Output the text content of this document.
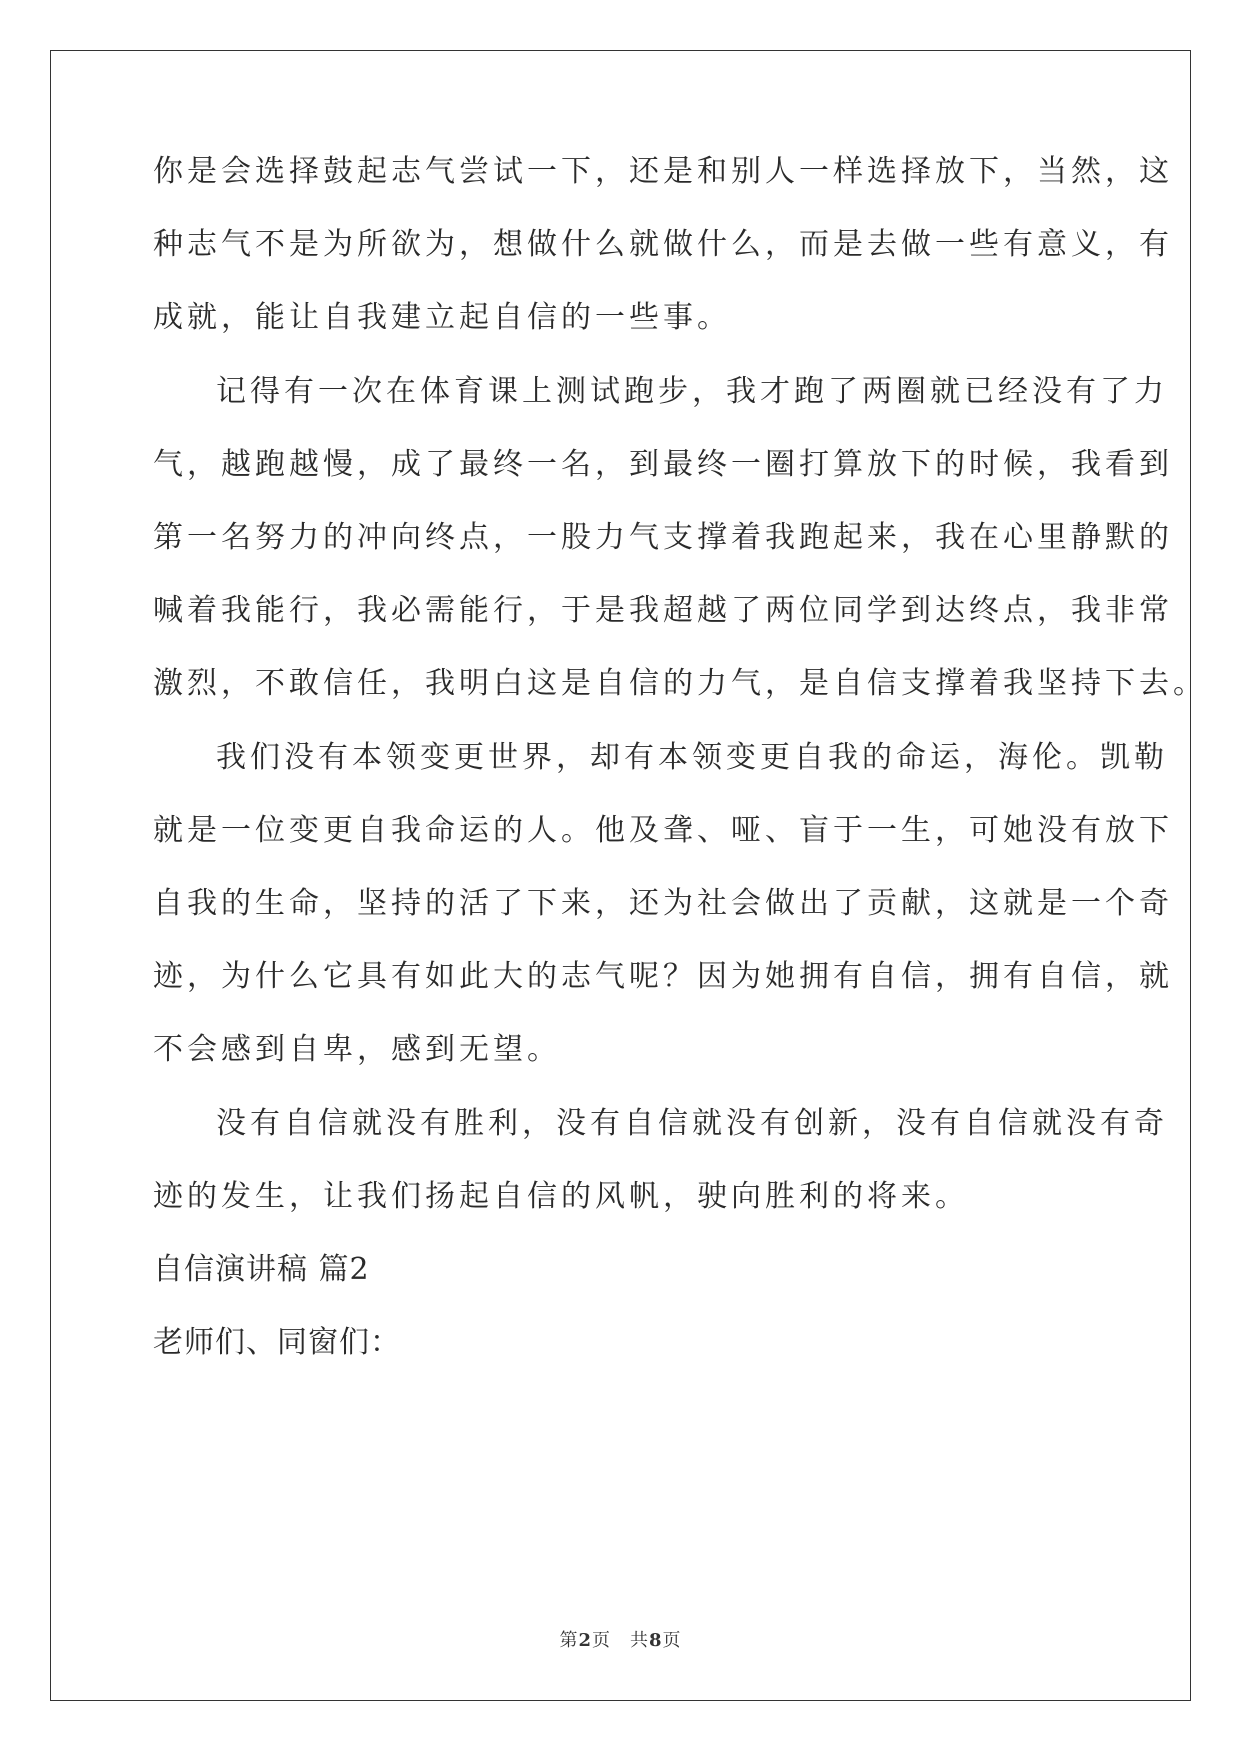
你是会选择鼓起志气尝试一下，还是和别人一样选择放下，当然，这
种志气不是为所欲为，想做什么就做什么，而是去做一些有意义，有
成就，能让自我建立起自信的一些事。
记得有一次在体育课上测试跑步，我才跑了两圈就已经没有了力
气，越跑越慢，成了最终一名，到最终一圈打算放下的时候，我看到
第一名努力的冲向终点，一股力气支撑着我跑起来，我在心里静默的
喊着我能行，我必需能行，于是我超越了两位同学到达终点，我非常
激烈，不敢信任，我明白这是自信的力气，是自信支撑着我坚持下去。
我们没有本领变更世界，却有本领变更自我的命运，海伦。凯勒
就是一位变更自我命运的人。他及聋、哑、盲于一生，可她没有放下
自我的生命，坚持的活了下来，还为社会做出了贡献，这就是一个奇
迹，为什么它具有如此大的志气呢？因为她拥有自信，拥有自信，就
不会感到自卑，感到无望。
没有自信就没有胜利，没有自信就没有创新，没有自信就没有奇
迹的发生，让我们扬起自信的风帆，驶向胜利的将来。
自信演讲稿 篇2
老师们、同窗们：
第2页　共8页
